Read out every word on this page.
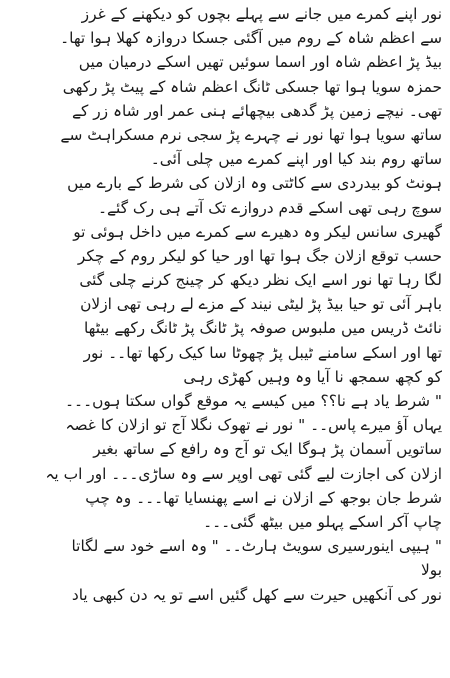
نور اپنے کمرے میں جانے سے پہلے بچوں کو دیکھنے کے غرز
سے اعظم شاہ کے روم میں آگئی جسکا دروازہ کھلا ہوا تھا۔
بیڈ پڑ اعظم شاہ اور اسما سوئیں تھیں اسکے درمیان میں
حمزہ سویا ہوا تھا جسکی ٹانگ اعظم شاہ کے پیٹ پڑ رکھی
تھی۔ نیچے زمین پڑ گدھی بیچھائے ہنی عمر اور شاہ زر کے
ساتھ سویا ہوا تھا نور نے چہرے پڑ سجی نرم مسکراہٹ سے
ساتھ روم بند کیا اور اپنے کمرے میں چلی آئی۔
ہونٹ کو بیدردی سے کاٹتی وہ ازلان کی شرط کے بارے میں
سوچ رہی تھی اسکے قدم دروازے تک آتے ہی رک گئے۔
گھیری سانس لیکر وہ دھیرے سے کمرے میں داخل ہوئی تو
حسب توقع ازلان جگ ہوا تھا اور حیا کو لیکر روم کے چکر
لگا رہا تھا نور اسے ایک نظر دیکھ کر چینج کرنے چلی گئی
باہر آئی تو حیا بیڈ پڑ لیٹی نیند کے مزے لے رہی تھی ازلان
نائٹ ڈریس میں ملبوس صوفہ پڑ ٹانگ پڑ ٹانگ رکھے بیٹھا
تھا اور اسکے سامنے ٹیبل پڑ چھوٹا سا کیک رکھا تھا۔۔ نور
کو کچھ سمجھ نا آیا وہ وہیں کھڑی رہی
" شرط یاد ہے نا؟؟ میں کیسے یہ موقع گواں سکتا ہوں۔۔۔
یہاں آؤ میرے پاس۔۔ " نور نے تھوک نگلا آج تو ازلان کا غصہ
ساتویں آسمان پڑ ہوگا ایک تو آج وہ رافع کے ساتھ بغیر
ازلان کی اجازت لیے گئی تھی اوپر سے وہ ساڑی۔۔۔ اور اب یہ
شرط جان بوجھ کے ازلان نے اسے پھنسایا تھا۔۔۔ وہ چپ
چاپ آکر اسکے پہلو میں بیٹھ گئی۔۔۔
" ہیپی اینورسیری سویٹ ہارٹ۔۔ " وہ اسے خود سے لگاتا
بولا
نور کی آنکھیں حیرت سے کھل گئیں اسے تو یہ دن کبھی یاد
